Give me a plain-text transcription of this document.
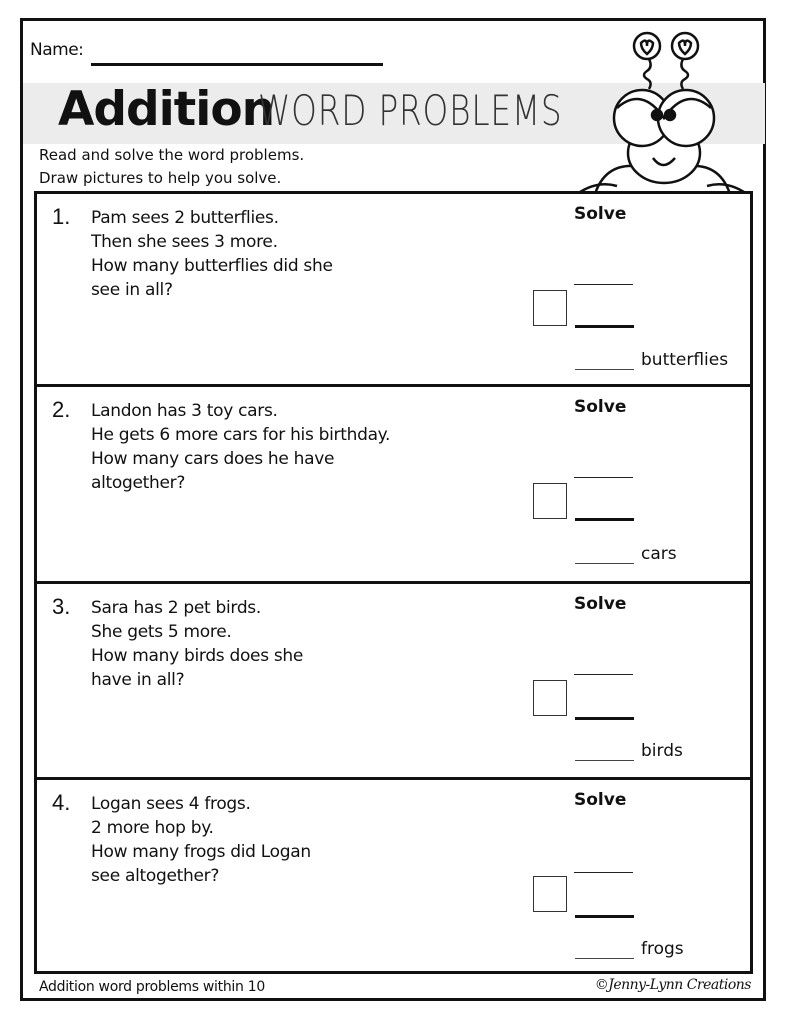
Name:
Addition
WORD PROBLEMS
Read and solve the word problems.
Draw pictures to help you solve.
1. Pam sees 2 butterflies.
Then she sees 3 more.
How many butterflies did she
see in all?
Solve
butterflies
2. Landon has 3 toy cars.
He gets 6 more cars for his birthday.
How many cars does he have
altogether?
Solve
cars
3. Sara has 2 pet birds.
She gets 5 more.
How many birds does she
have in all?
Solve
birds
4. Logan sees 4 frogs.
2 more hop by.
How many frogs did Logan
see altogether?
Solve
frogs
Addition word problems within 10	©Jenny-Lynn Creations
